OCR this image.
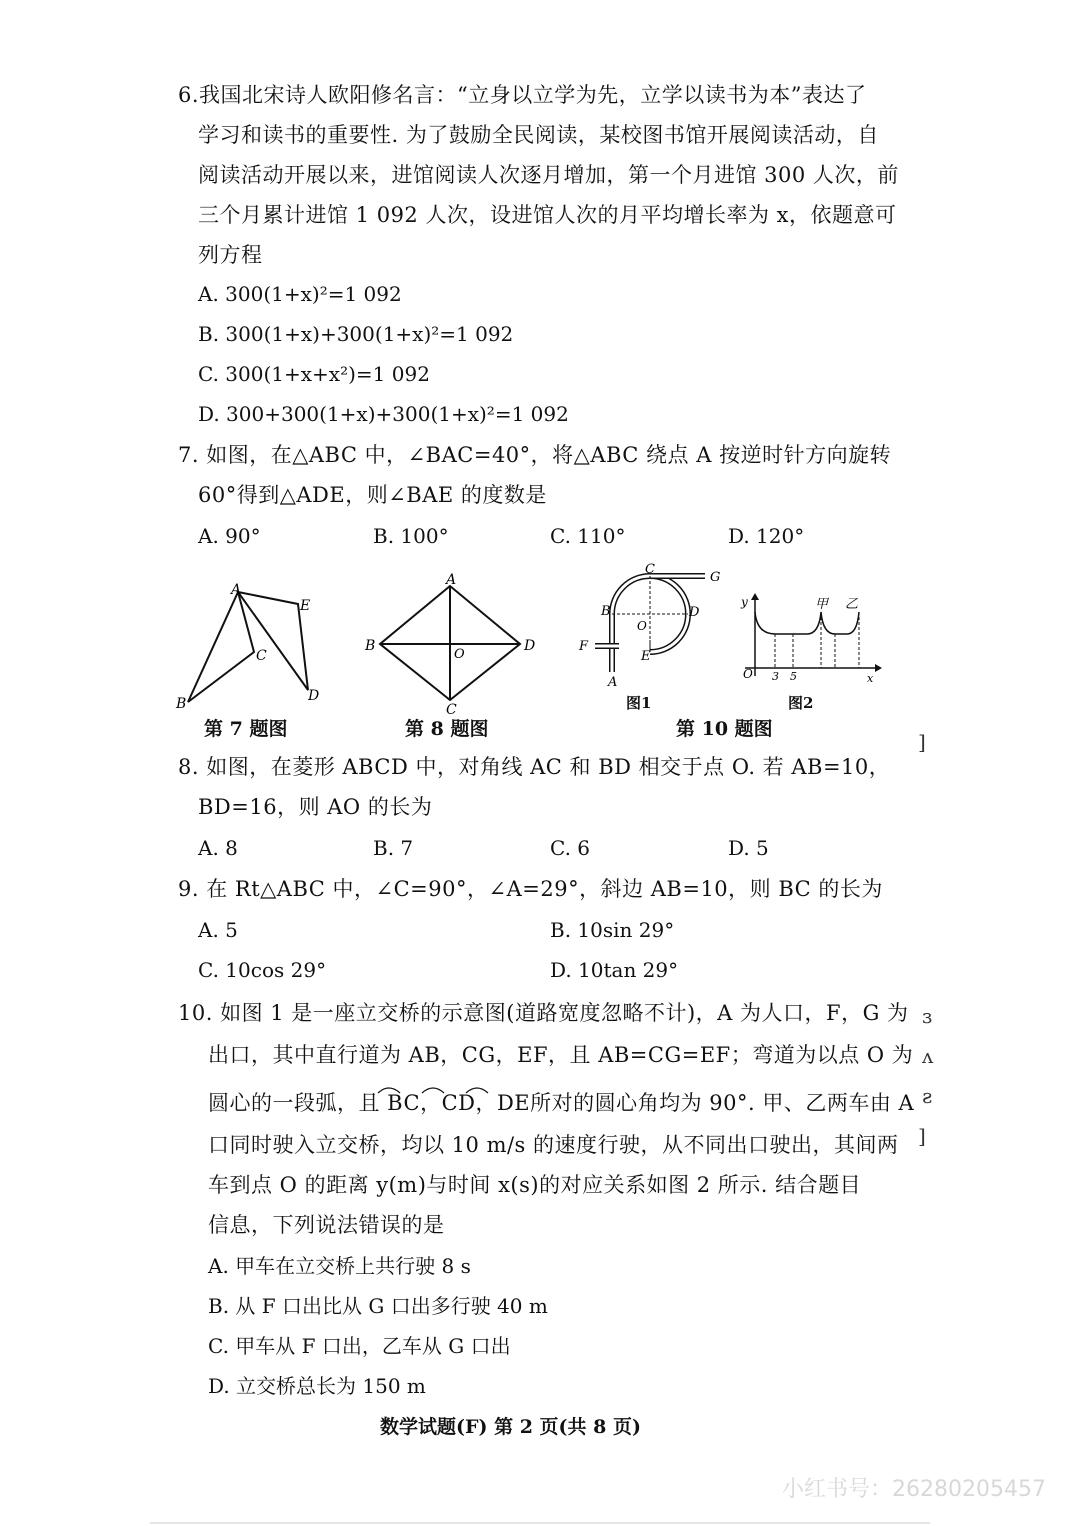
6.我国北宋诗人欧阳修名言：“立身以立学为先，立学以读书为本”表达了
学习和读书的重要性. 为了鼓励全民阅读，某校图书馆开展阅读活动，自
阅读活动开展以来，进馆阅读人次逐月增加，第一个月进馆 300 人次，前
三个月累计进馆 1 092 人次，设进馆人次的月平均增长率为 x，依题意可
列方程
A. 300(1+x)²=1 092
B. 300(1+x)+300(1+x)²=1 092
C. 300(1+x+x²)=1 092
D. 300+300(1+x)+300(1+x)²=1 092
7. 如图，在△ABC 中，∠BAC=40°，将△ABC 绕点 A 按逆时针方向旋转
60°得到△ADE，则∠BAE 的度数是
A. 90°	B. 100°	C. 110°	D. 120°
A
B
C
D
E
第 7 题图
A
B
C
D
O
第 8 题图
C
G
B	D
O
F
E
A
图1
y
O 3 5	x
甲 乙
图2
第 10 题图
8. 如图，在菱形 ABCD 中，对角线 AC 和 BD 相交于点 O. 若 AB=10，
BD=16，则 AO 的长为
A. 8	B. 7	C. 6	D. 5
9. 在 Rt△ABC 中，∠C=90°，∠A=29°，斜边 AB=10，则 BC 的长为
A. 5	B. 10sin 29°
C. 10cos 29°	D. 10tan 29°
10. 如图 1 是一座立交桥的示意图(道路宽度忽略不计)，A 为人口，F，G 为
出口，其中直行道为 AB，CG，EF，且 AB=CG=EF；弯道为以点 O 为
圆心的一段弧，且 BC，CD，DE所对的圆心角均为 90°. 甲、乙两车由 A
口同时驶入立交桥，均以 10 m/s 的速度行驶，从不同出口驶出，其间两
车到点 O 的距离 y(m)与时间 x(s)的对应关系如图 2 所示. 结合题目
信息，下列说法错误的是
A. 甲车在立交桥上共行驶 8 s
B. 从 F 口出比从 G 口出多行驶 40 m
C. 甲车从 F 口出，乙车从 G 口出
D. 立交桥总长为 150 m
]
ɜ
ʌ
ƨ
]
数学试题(F) 第 2 页(共 8 页)
小红书号：26280205457
